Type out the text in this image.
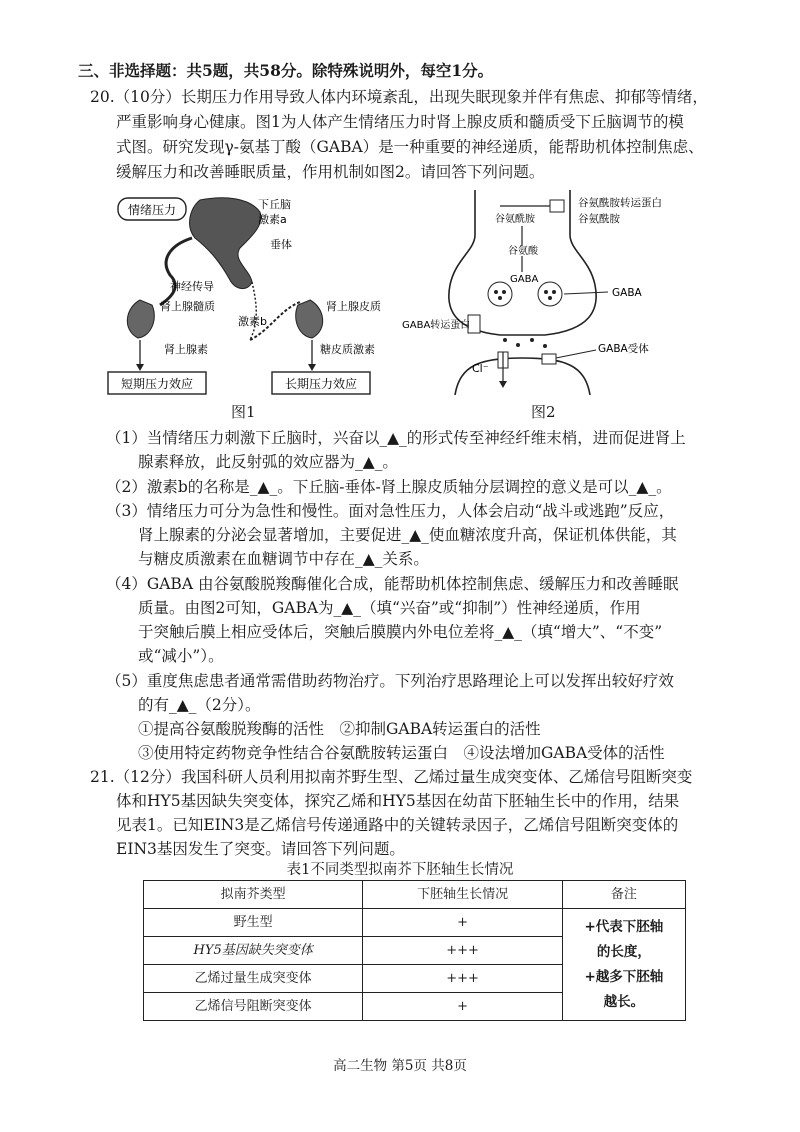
三、非选择题：共5题，共58分。除特殊说明外，每空1分。
20.（10分）长期压力作用导致人体内环境紊乱，出现失眠现象并伴有焦虑、抑郁等情绪，
严重影响身心健康。图1为人体产生情绪压力时肾上腺皮质和髓质受下丘脑调节的模
式图。研究发现γ-氨基丁酸（GABA）是一种重要的神经递质，能帮助机体控制焦虑、
缓解压力和改善睡眠质量，作用机制如图2。请回答下列问题。
情绪压力	下丘脑
激素a
垂体
神经传导
肾上腺髓质	肾上腺皮质
激素b
肾上腺素	糖皮质激素
短期压力效应	长期压力效应
谷氨酰胺转运蛋白
谷氨酰胺
谷氨酰胺
谷氨酸
GABA
GABA
GABA转运蛋白
Cl⁻
GABA受体
图1	图2
（1）当情绪压力刺激下丘脑时，兴奋以_▲_的形式传至神经纤维末梢，进而促进肾上
腺素释放，此反射弧的效应器为_▲_。
（2）激素b的名称是_▲_。下丘脑-垂体-肾上腺皮质轴分层调控的意义是可以_▲_。
（3）情绪压力可分为急性和慢性。面对急性压力，人体会启动“战斗或逃跑”反应，
肾上腺素的分泌会显著增加，主要促进_▲_使血糖浓度升高，保证机体供能，其
与糖皮质激素在血糖调节中存在_▲_关系。
（4）GABA 由谷氨酸脱羧酶催化合成，能帮助机体控制焦虑、缓解压力和改善睡眠
质量。由图2可知，GABA为_▲_（填“兴奋”或“抑制”）性神经递质，作用
于突触后膜上相应受体后，突触后膜膜内外电位差将_▲_（填“增大”、“不变”
或“减小”）。
（5）重度焦虑患者通常需借助药物治疗。下列治疗思路理论上可以发挥出较好疗效
的有_▲_（2分）。
①提高谷氨酸脱羧酶的活性　②抑制GABA转运蛋白的活性
③使用特定药物竞争性结合谷氨酰胺转运蛋白　④设法增加GABA受体的活性
21.（12分）我国科研人员利用拟南芥野生型、乙烯过量生成突变体、乙烯信号阻断突变
体和HY5基因缺失突变体，探究乙烯和HY5基因在幼苗下胚轴生长中的作用，结果
见表1。已知EIN3是乙烯信号传递通路中的关键转录因子，乙烯信号阻断突变体的
EIN3基因发生了突变。请回答下列问题。
表1不同类型拟南芥下胚轴生长情况
拟南芥类型	下胚轴生长情况	备注
野生型	+	+代表下胚轴
的长度，
+越多下胚轴
越长。

HY5基因缺失突变体	+++	
乙烯过量生成突变体	+++	
乙烯信号阻断突变体	+	
高二生物 第5页 共8页
